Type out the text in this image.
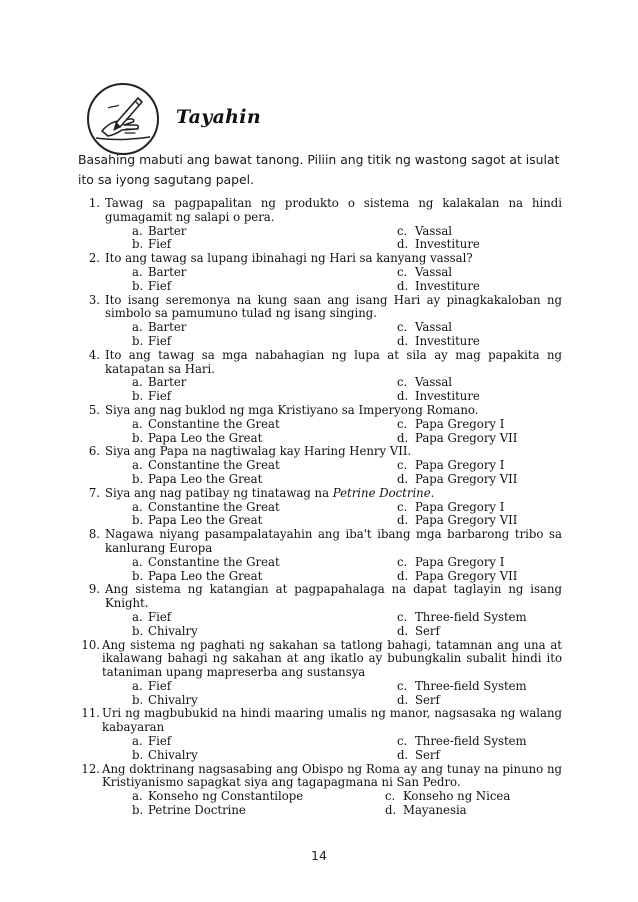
Tayahin
Basahing mabuti ang bawat tanong. Piliin ang titik ng wastong sagot at isulat ito sa iyong sagutang papel.
1. Tawag sa pagpapalitan ng produkto o sistema ng kalakalan na hindi gumagamit ng salapi o pera.
a. Barter	c. Vassal
b. Fief	d. Investiture
2. Ito ang tawag sa lupang ibinahagi ng Hari sa kanyang vassal?
a. Barter	c. Vassal
b. Fief	d. Investiture
3. Ito isang seremonya na kung saan ang isang Hari ay pinagkakaloban ng simbolo sa pamumuno tulad ng isang singing.
a. Barter	c. Vassal
b. Fief	d. Investiture
4. Ito ang tawag sa mga nabahagian ng lupa at sila ay mag papakita ng katapatan sa Hari.
a. Barter	c. Vassal
b. Fief	d. Investiture
5. Siya ang nag buklod ng mga Kristiyano sa Imperyong Romano.
a. Constantine the Great	c. Papa Gregory I
b. Papa Leo the Great	d. Papa Gregory VII
6. Siya ang Papa na nagtiwalag kay Haring Henry VII.
a. Constantine the Great	c. Papa Gregory I
b. Papa Leo the Great	d. Papa Gregory VII
7. Siya ang nag patibay ng tinatawag na Petrine Doctrine.
a. Constantine the Great	c. Papa Gregory I
b. Papa Leo the Great	d. Papa Gregory VII
8. Nagawa niyang pasampalatayahin ang iba't ibang mga barbarong tribo sa kanlurang Europa
a. Constantine the Great	c. Papa Gregory I
b. Papa Leo the Great	d. Papa Gregory VII
9. Ang sistema ng katangian at pagpapahalaga na dapat taglayin ng isang Knight.
a. Fief	c. Three-field System
b. Chivalry	d. Serf
10. Ang sistema ng paghati ng sakahan sa tatlong bahagi, tatamnan ang una at ikalawang bahagi ng sakahan at ang ikatlo ay bubungkalin subalit hindi ito tataniman upang mapreserba ang sustansya
a. Fief	c. Three-field System
b. Chivalry	d. Serf
11. Uri ng magbubukid na hindi maaring umalis ng manor, nagsasaka ng walang kabayaran
a. Fief	c. Three-field System
b. Chivalry	d. Serf
12. Ang doktrinang nagsasabing ang Obispo ng Roma ay ang tunay na pinuno ng Kristiyanismo sapagkat siya ang tagapagmana ni San Pedro.
a. Konseho ng Constantilope	c. Konseho ng Nicea
b. Petrine Doctrine	d. Mayanesia
14
